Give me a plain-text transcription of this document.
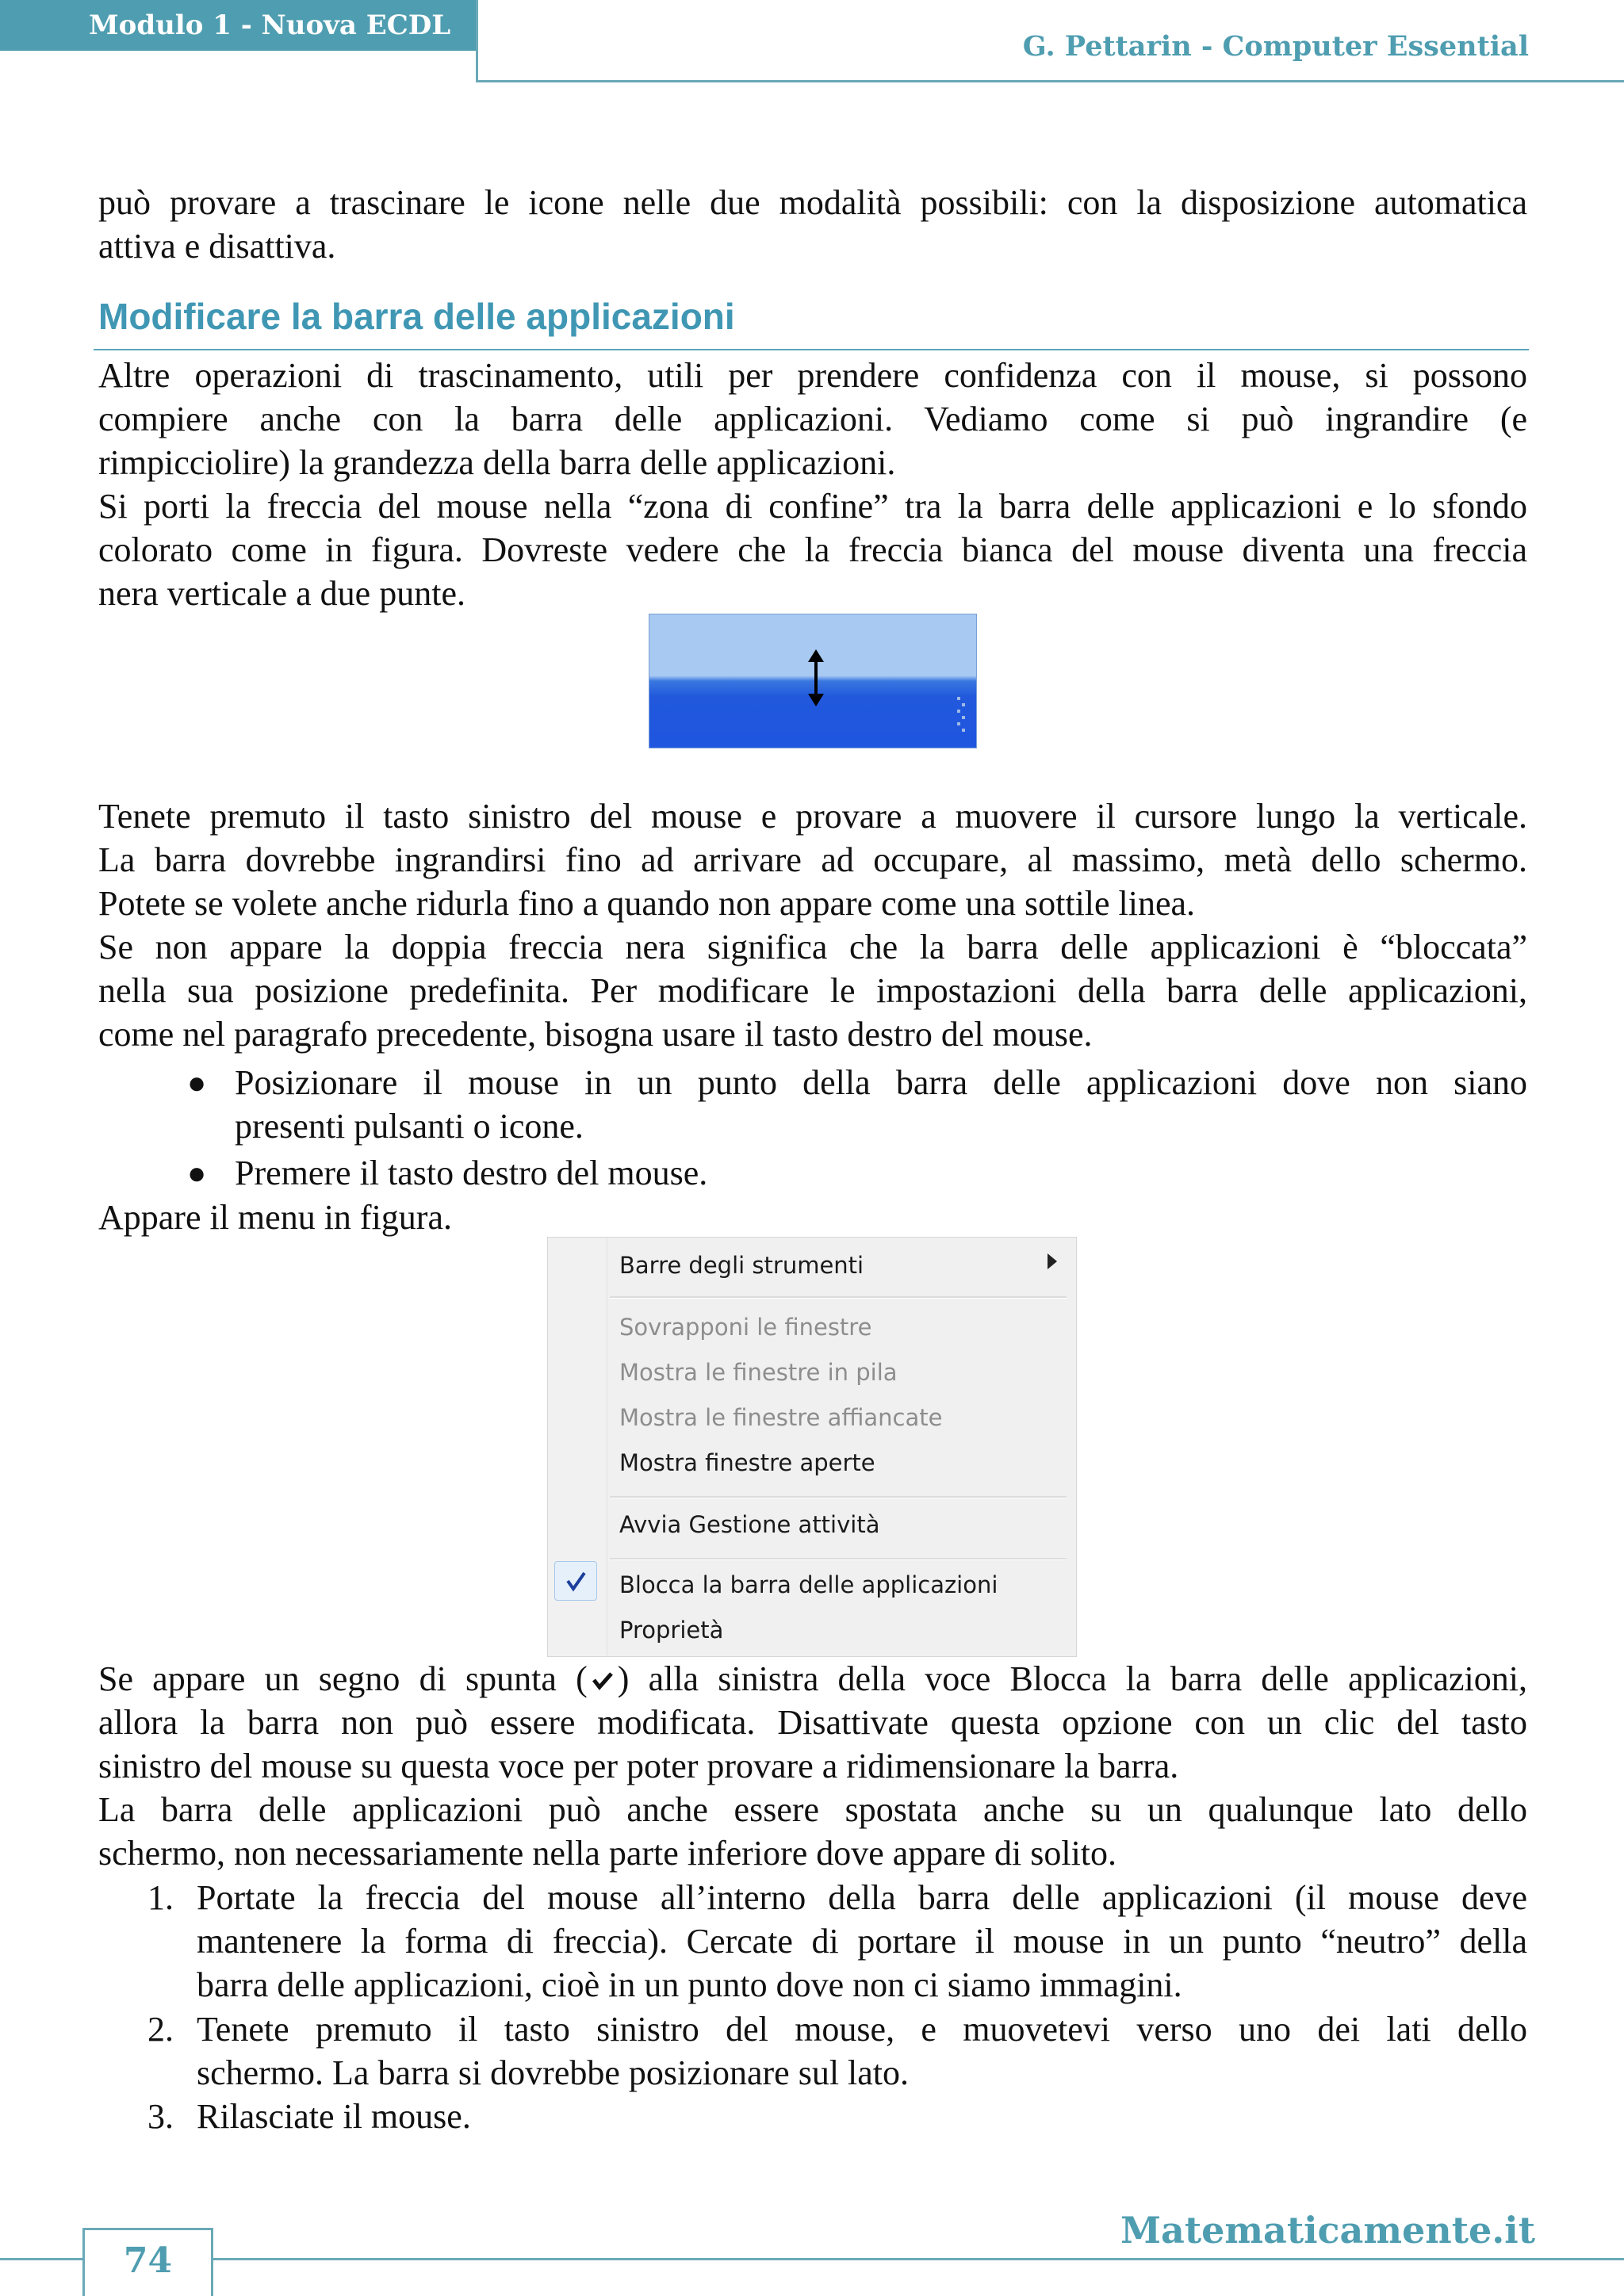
Modulo 1 - Nuova ECDL
G. Pettarin - Computer Essential
può provare a trascinare le icone nelle due modalità possibili: con la disposizione automatica
attiva e disattiva.
Modificare la barra delle applicazioni
Altre operazioni di trascinamento, utili per prendere confidenza con il mouse, si possono
compiere anche con la barra delle applicazioni. Vediamo come si può ingrandire (e
rimpicciolire) la grandezza della barra delle applicazioni.
Si porti la freccia del mouse nella “zona di confine” tra la barra delle applicazioni e lo sfondo
colorato come in figura. Dovreste vedere che la freccia bianca del mouse diventa una freccia
nera verticale a due punte.
Tenete premuto il tasto sinistro del mouse e provare a muovere il cursore lungo la verticale.
La barra dovrebbe ingrandirsi fino ad arrivare ad occupare, al massimo, metà dello schermo.
Potete se volete anche ridurla fino a quando non appare come una sottile linea.
Se non appare la doppia freccia nera significa che la barra delle applicazioni è “bloccata”
nella sua posizione predefinita. Per modificare le impostazioni della barra delle applicazioni,
come nel paragrafo precedente, bisogna usare il tasto destro del mouse.
● Posizionare il mouse in un punto della barra delle applicazioni dove non siano
presenti pulsanti o icone.
● Premere il tasto destro del mouse.
Appare il menu in figura.
Barre degli strumenti
Sovrapponi le finestre
Mostra le finestre in pila
Mostra le finestre affiancate
Mostra finestre aperte
Avvia Gestione attività
Blocca la barra delle applicazioni
Proprietà
Se appare un segno di spunta ( ) alla sinistra della voce Blocca la barra delle applicazioni,
allora la barra non può essere modificata. Disattivate questa opzione con un clic del tasto
sinistro del mouse su questa voce per poter provare a ridimensionare la barra.
La barra delle applicazioni può anche essere spostata anche su un qualunque lato dello
schermo, non necessariamente nella parte inferiore dove appare di solito.
1. Portate la freccia del mouse all’interno della barra delle applicazioni (il mouse deve
mantenere la forma di freccia). Cercate di portare il mouse in un punto “neutro” della
barra delle applicazioni, cioè in un punto dove non ci siamo immagini.
2. Tenete premuto il tasto sinistro del mouse, e muovetevi verso uno dei lati dello
schermo. La barra si dovrebbe posizionare sul lato.
3. Rilasciate il mouse.
74
Matematicamente.it
